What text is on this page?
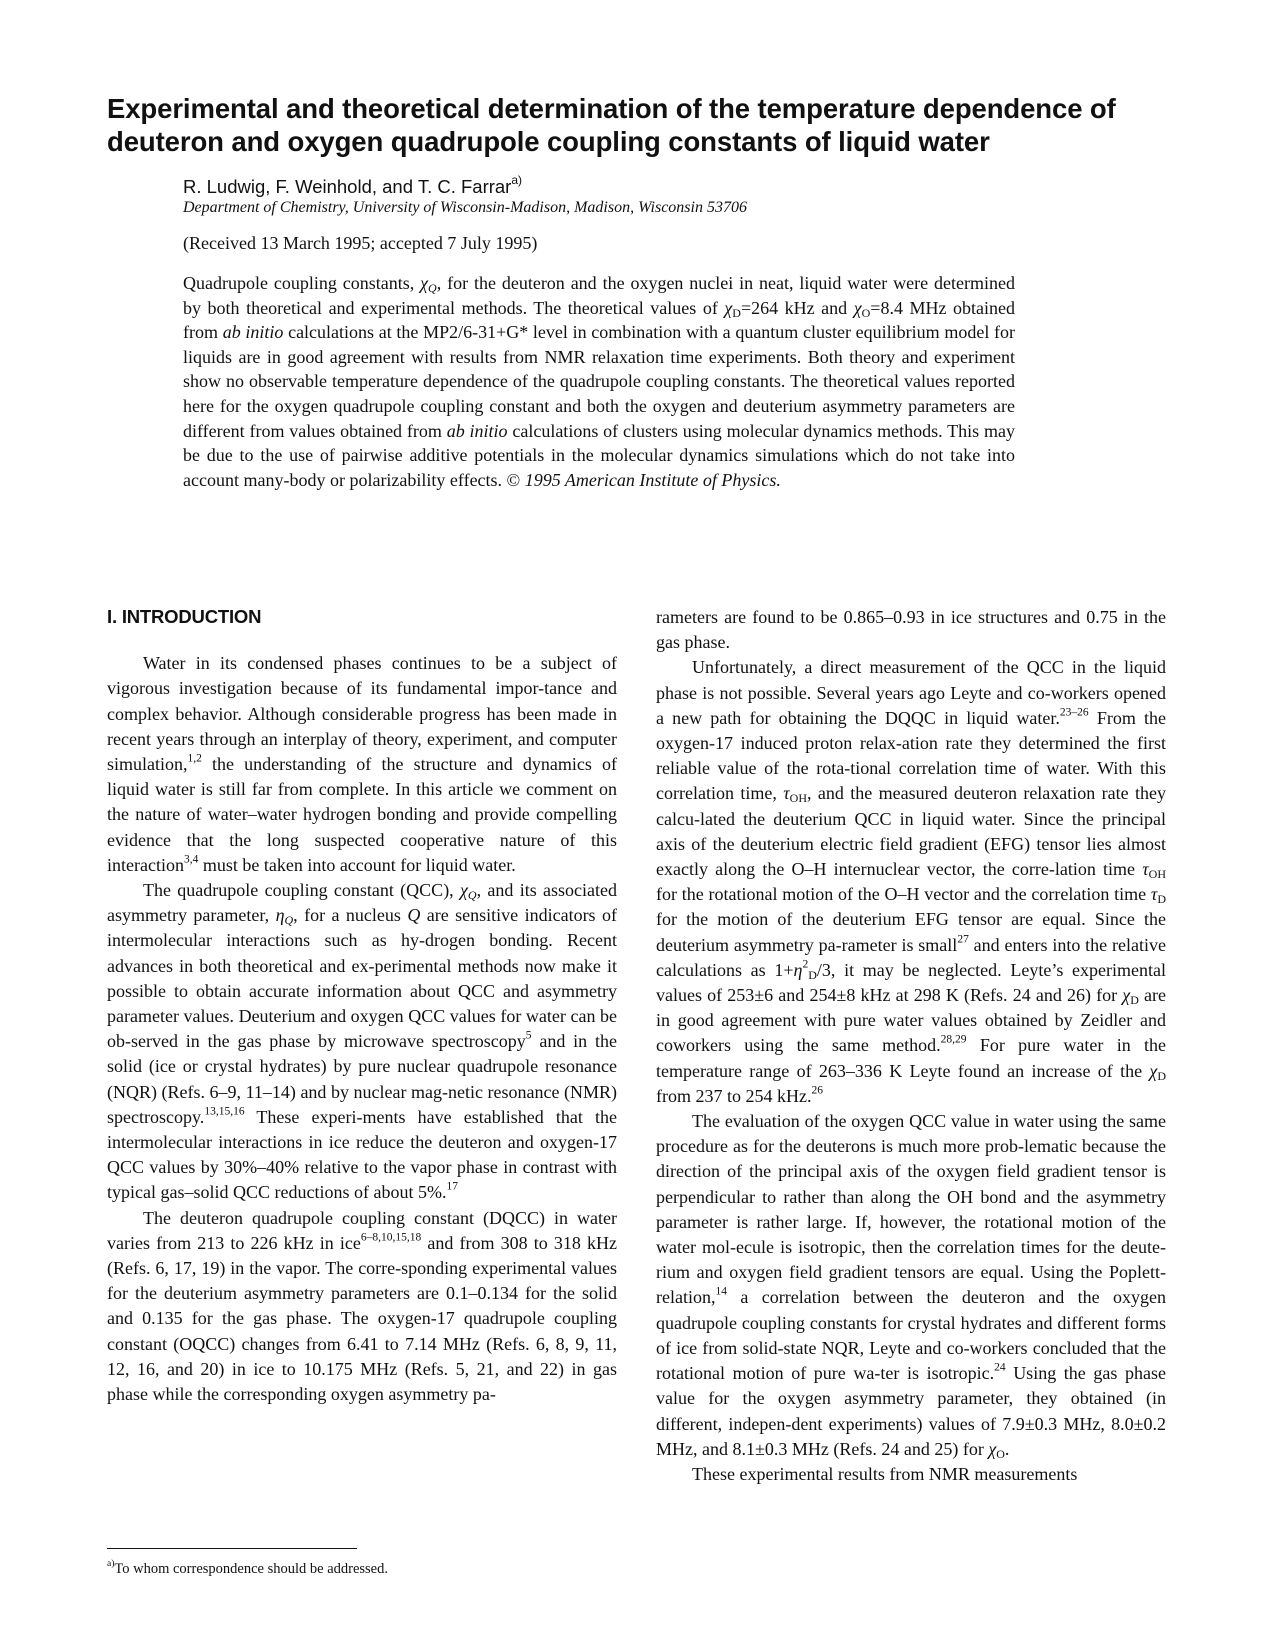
Experimental and theoretical determination of the temperature dependence of deuteron and oxygen quadrupole coupling constants of liquid water

R. Ludwig, F. Weinhold, and T. C. Farrar$^{a)}$

Department of Chemistry, University of Wisconsin-Madison, Madison, Wisconsin 53706

(Received 13 March 1995; accepted 7 July 1995)

Quadrupole coupling constants, $\chi_Q$, for the deuteron and the oxygen nuclei in neat, liquid water were determined by both theoretical and experimental methods. The theoretical values of $\chi_D=264$ kHz and $\chi_O=8.4$ MHz obtained from ab initio calculations at the MP2/6-31+G* level in combination with a quantum cluster equilibrium model for liquids are in good agreement with results from NMR relaxation time experiments. Both theory and experiment show no observable temperature dependence of the quadrupole coupling constants. The theoretical values reported here for the oxygen quadrupole coupling constant and both the oxygen and deuterium asymmetry parameters are different from values obtained from ab initio calculations of clusters using molecular dynamics methods. This may be due to the use of pairwise additive potentials in the molecular dynamics simulations which do not take into account many-body or polarizability effects. © 1995 American Institute of Physics.

I. INTRODUCTION

Water in its condensed phases continues to be a subject of vigorous investigation because of its fundamental impor-tance and complex behavior. Although considerable progress has been made in recent years through an interplay of theory, experiment, and computer simulation,$^{1,2}$ the understanding of the structure and dynamics of liquid water is still far from complete. In this article we comment on the nature of water–water hydrogen bonding and provide compelling evidence that the long suspected cooperative nature of this interaction$^{3,4}$ must be taken into account for liquid water.

The quadrupole coupling constant (QCC), $\chi_Q$, and its associated asymmetry parameter, $\eta_Q$, for a nucleus Q are sensitive indicators of intermolecular interactions such as hy-drogen bonding. Recent advances in both theoretical and ex-perimental methods now make it possible to obtain accurate information about QCC and asymmetry parameter values. Deuterium and oxygen QCC values for water can be ob-served in the gas phase by microwave spectroscopy$^5$ and in the solid (ice or crystal hydrates) by pure nuclear quadrupole resonance (NQR) (Refs. 6–9, 11–14) and by nuclear mag-netic resonance (NMR) spectroscopy.$^{13,15,16}$ These experi-ments have established that the intermolecular interactions in ice reduce the deuteron and oxygen-17 QCC values by 30%–40% relative to the vapor phase in contrast with typical gas–solid QCC reductions of about 5%.$^{17}$

The deuteron quadrupole coupling constant (DQCC) in water varies from 213 to 226 kHz in ice$^{6-8,10,15,18}$ and from 308 to 318 kHz (Refs. 6, 17, 19) in the vapor. The corre-sponding experimental values for the deuterium asymmetry parameters are 0.1–0.134 for the solid and 0.135 for the gas phase. The oxygen-17 quadrupole coupling constant (OQCC) changes from 6.41 to 7.14 MHz (Refs. 6, 8, 9, 11, 12, 16, and 20) in ice to 10.175 MHz (Refs. 5, 21, and 22) in gas phase while the corresponding oxygen asymmetry pa-

rameters are found to be 0.865–0.93 in ice structures and 0.75 in the gas phase.

Unfortunately, a direct measurement of the QCC in the liquid phase is not possible. Several years ago Leyte and co-workers opened a new path for obtaining the DQQC in liquid water.$^{23-26}$ From the oxygen-17 induced proton relax-ation rate they determined the first reliable value of the rota-tional correlation time of water. With this correlation time, $\tau_{OH}$, and the measured deuteron relaxation rate they calcu-lated the deuterium QCC in liquid water. Since the principal axis of the deuterium electric field gradient (EFG) tensor lies almost exactly along the O–H internuclear vector, the corre-lation time $\tau_{OH}$ for the rotational motion of the O–H vector and the correlation time $\tau_D$ for the motion of the deuterium EFG tensor are equal. Since the deuterium asymmetry pa-rameter is small$^{27}$ and enters into the relative calculations as $1+\eta^2_D/3$, it may be neglected. Leyte’s experimental values of 253±6 and 254±8 kHz at 298 K (Refs. 24 and 26) for $\chi_D$ are in good agreement with pure water values obtained by Zeidler and coworkers using the same method.$^{28,29}$ For pure water in the temperature range of 263–336 K Leyte found an increase of the $\chi_D$ from 237 to 254 kHz.$^{26}$

The evaluation of the oxygen QCC value in water using the same procedure as for the deuterons is much more prob-lematic because the direction of the principal axis of the oxygen field gradient tensor is perpendicular to rather than along the OH bond and the asymmetry parameter is rather large. If, however, the rotational motion of the water mol-ecule is isotropic, then the correlation times for the deute-rium and oxygen field gradient tensors are equal. Using the Poplett-relation,$^{14}$ a correlation between the deuteron and the oxygen quadrupole coupling constants for crystal hydrates and different forms of ice from solid-state NQR, Leyte and co-workers concluded that the rotational motion of pure wa-ter is isotropic.$^{24}$ Using the gas phase value for the oxygen asymmetry parameter, they obtained (in different, indepen-dent experiments) values of 7.9±0.3 MHz, 8.0±0.2 MHz, and 8.1±0.3 MHz (Refs. 24 and 25) for $\chi_O$.

These experimental results from NMR measurements

$^{a)}$To whom correspondence should be addressed.
